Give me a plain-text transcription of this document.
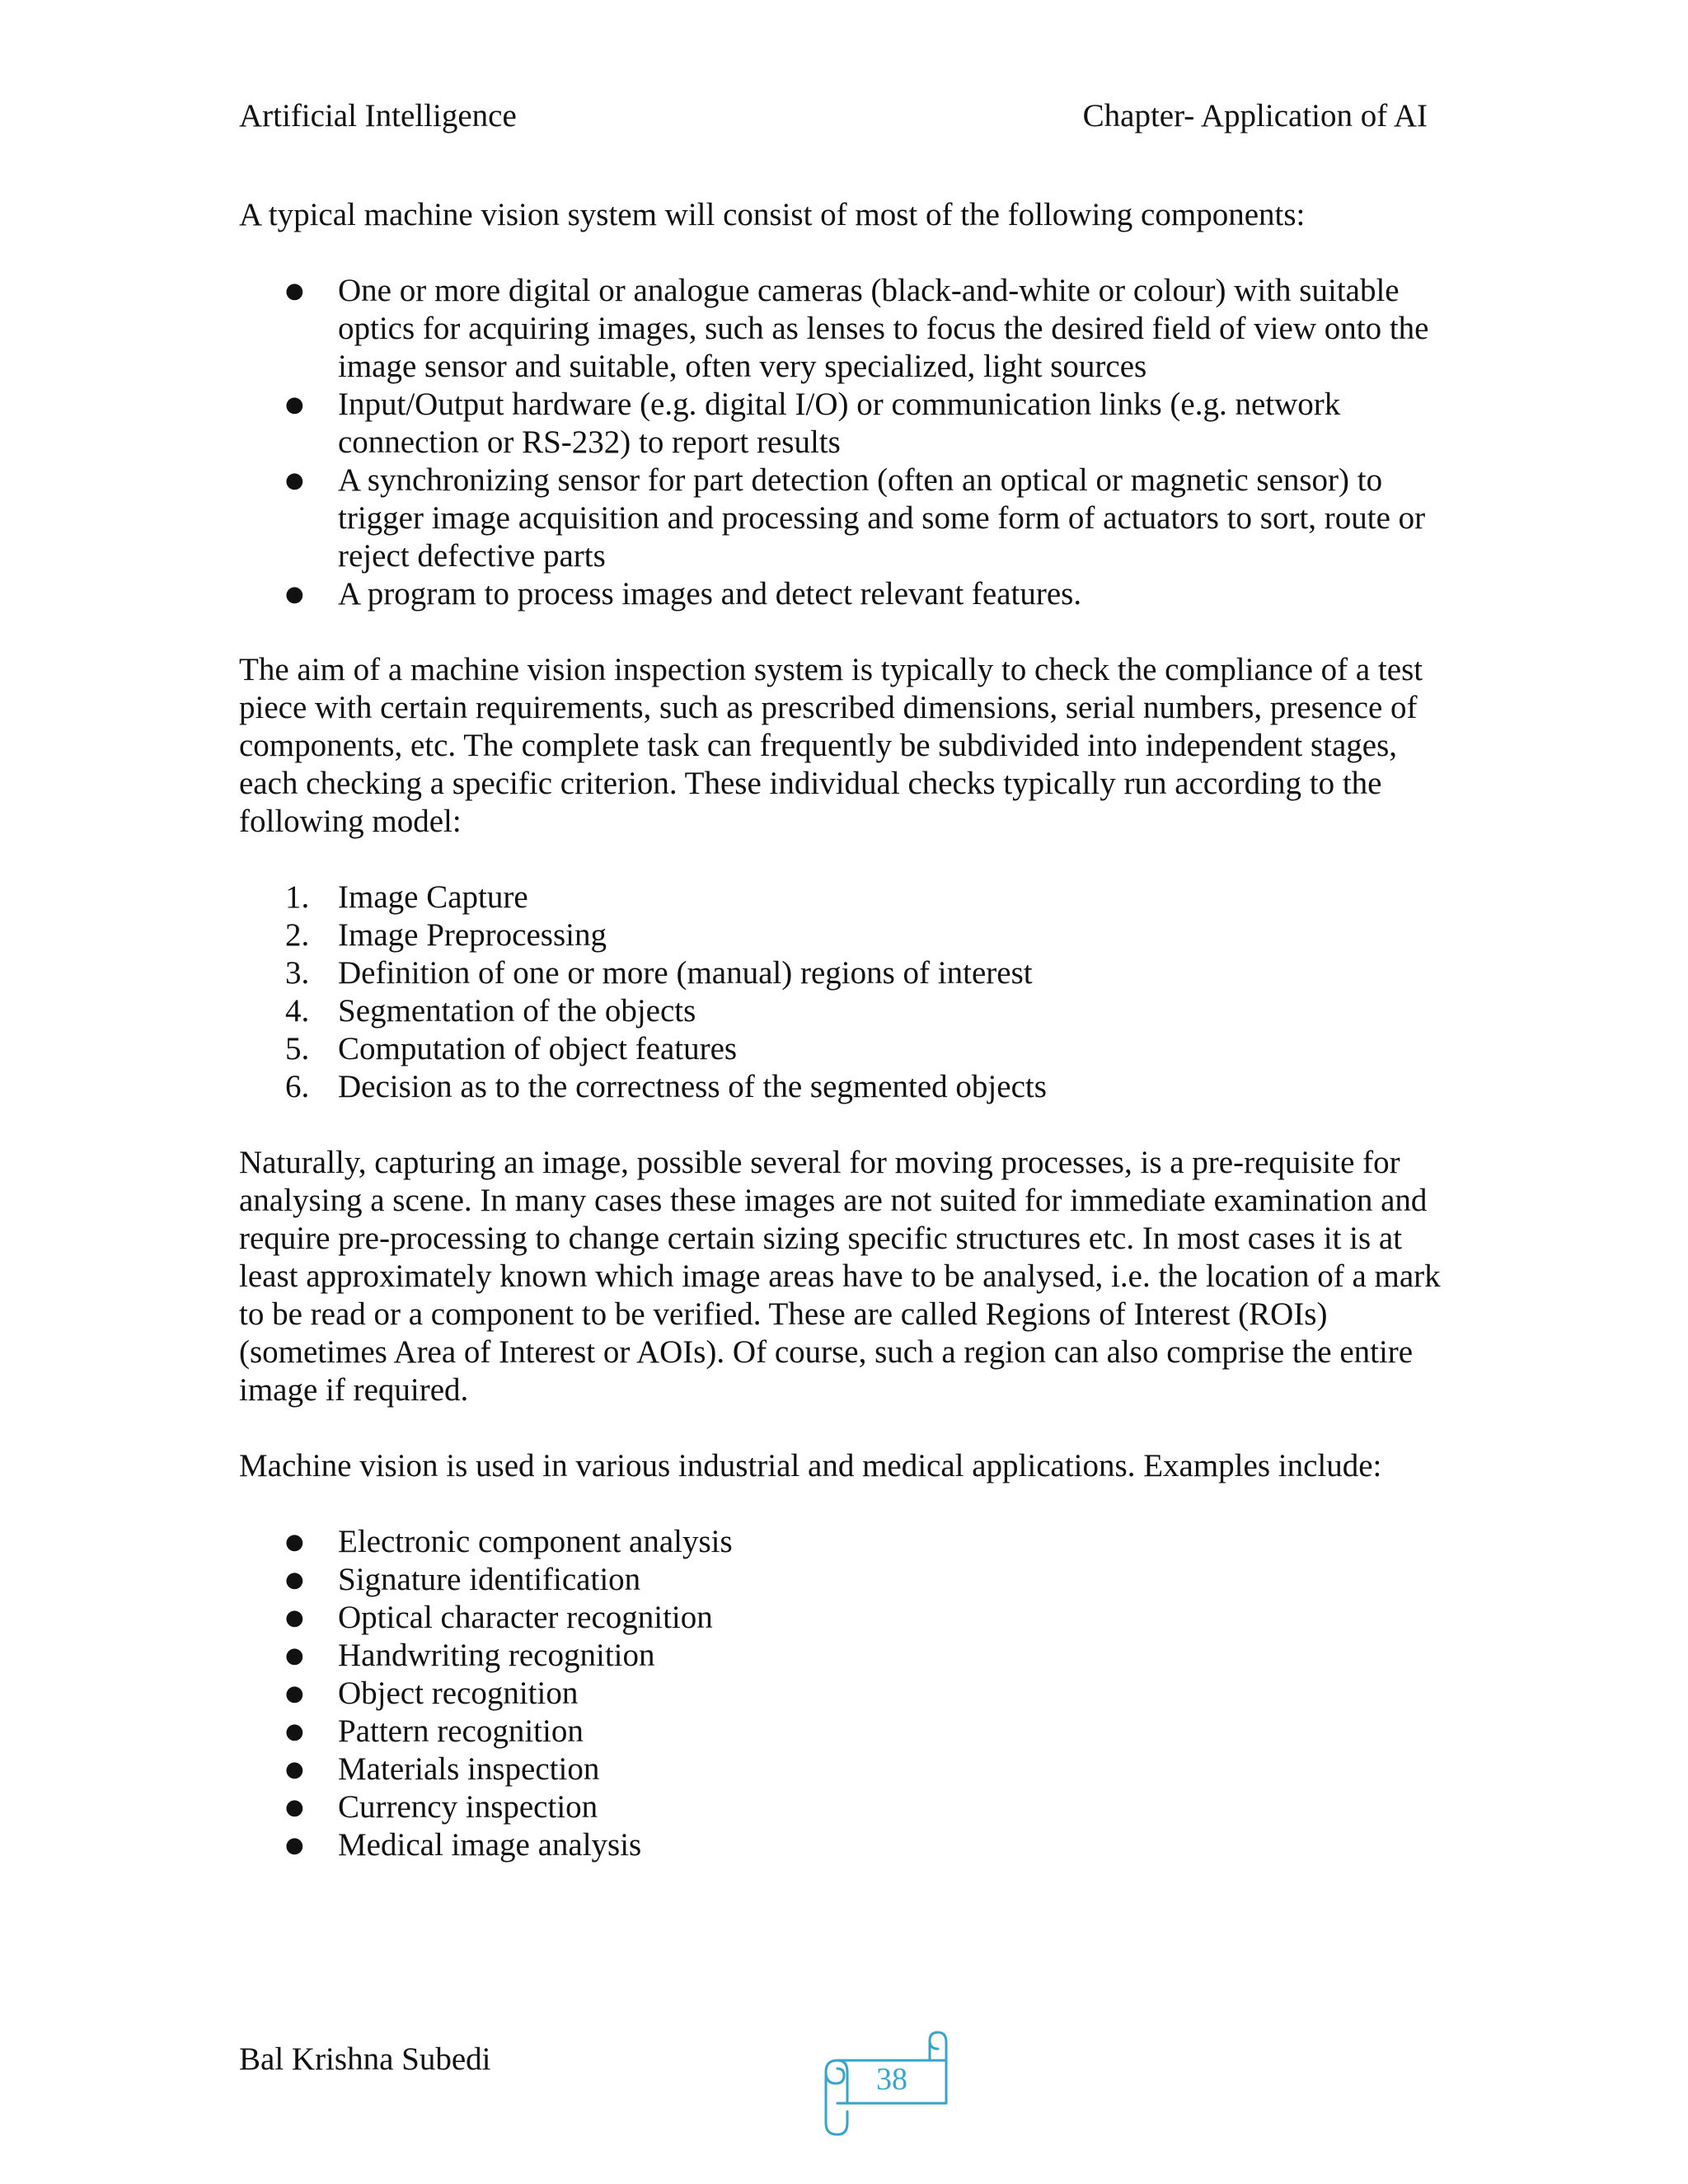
Artificial Intelligence	Chapter- Application of AI

A typical machine vision system will consist of most of the following components:

●	One or more digital or analogue cameras (black-and-white or colour) with suitable optics for acquiring images, such as lenses to focus the desired field of view onto the image sensor and suitable, often very specialized, light sources
●	Input/Output hardware (e.g. digital I/O) or communication links (e.g. network connection or RS-232) to report results
●	A synchronizing sensor for part detection (often an optical or magnetic sensor) to trigger image acquisition and processing and some form of actuators to sort, route or reject defective parts
●	A program to process images and detect relevant features.

The aim of a machine vision inspection system is typically to check the compliance of a test piece with certain requirements, such as prescribed dimensions, serial numbers, presence of components, etc. The complete task can frequently be subdivided into independent stages, each checking a specific criterion. These individual checks typically run according to the following model:

1. Image Capture
2. Image Preprocessing
3. Definition of one or more (manual) regions of interest
4. Segmentation of the objects
5. Computation of object features
6. Decision as to the correctness of the segmented objects

Naturally, capturing an image, possible several for moving processes, is a pre-requisite for analysing a scene. In many cases these images are not suited for immediate examination and require pre-processing to change certain sizing specific structures etc. In most cases it is at least approximately known which image areas have to be analysed, i.e. the location of a mark to be read or a component to be verified. These are called Regions of Interest (ROIs) (sometimes Area of Interest or AOIs). Of course, such a region can also comprise the entire image if required.

Machine vision is used in various industrial and medical applications. Examples include:

●	Electronic component analysis
●	Signature identification
●	Optical character recognition
●	Handwriting recognition
●	Object recognition
●	Pattern recognition
●	Materials inspection
●	Currency inspection
●	Medical image analysis
Bal Krishna Subedi
38
